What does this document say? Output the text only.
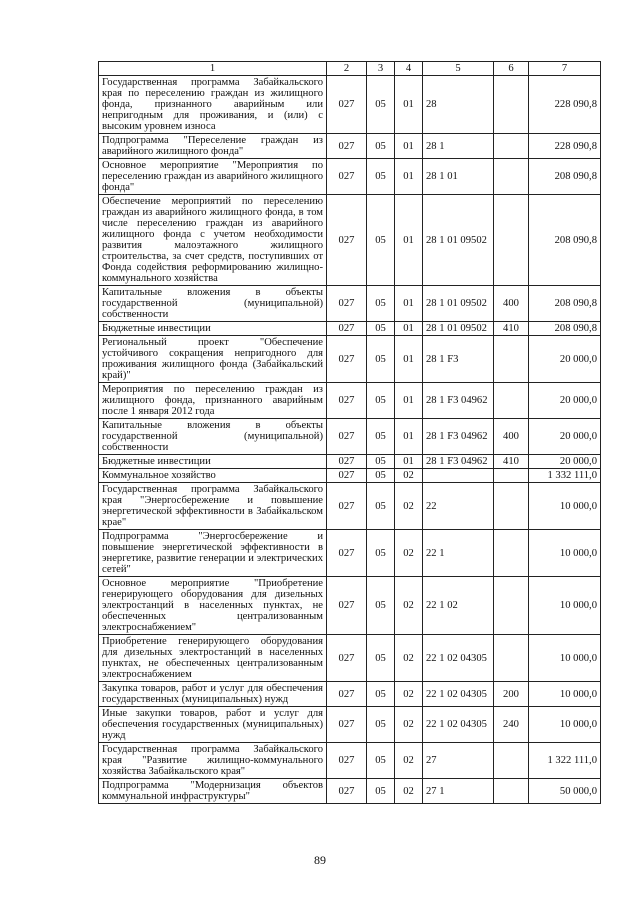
1	2	3	4	5	6	7
Государственная программа Забайкальского края по переселению граждан из жилищного фонда, признанного аварийным или непригодным для проживания, и (или) с высоким уровнем износа	027	05	01	28		228 090,8
Подпрограмма "Переселение граждан из аварийного жилищного фонда"	027	05	01	28 1		228 090,8
Основное мероприятие "Мероприятия по переселению граждан из аварийного жилищного фонда"	027	05	01	28 1 01		208 090,8
Обеспечение мероприятий по переселению граждан из аварийного жилищного фонда, в том числе переселению граждан из аварийного жилищного фонда с учетом необходимости развития малоэтажного жилищного строительства, за счет средств, поступивших от Фонда содействия реформированию жилищно-коммунального хозяйства	027	05	01	28 1 01 09502		208 090,8
Капитальные вложения в объекты государственной (муниципальной) собственности	027	05	01	28 1 01 09502	400	208 090,8
Бюджетные инвестиции	027	05	01	28 1 01 09502	410	208 090,8
Региональный проект "Обеспечение устойчивого сокращения непригодного для проживания жилищного фонда (Забайкальский край)"	027	05	01	28 1 F3		20 000,0
Мероприятия по переселению граждан из жилищного фонда, признанного аварийным после 1 января 2012 года	027	05	01	28 1 F3 04962		20 000,0
Капитальные вложения в объекты государственной (муниципальной) собственности	027	05	01	28 1 F3 04962	400	20 000,0
Бюджетные инвестиции	027	05	01	28 1 F3 04962	410	20 000,0
Коммунальное хозяйство	027	05	02			1 332 111,0
Государственная программа Забайкальского края "Энергосбережение и повышение энергетической эффективности в Забайкальском крае"	027	05	02	22		10 000,0
Подпрограмма "Энергосбережение и повышение энергетической эффективности в энергетике, развитие генерации и электрических сетей"	027	05	02	22 1		10 000,0
Основное мероприятие "Приобретение генерирующего оборудования для дизельных электростанций в населенных пунктах, не обеспеченных централизованным электроснабжением"	027	05	02	22 1 02		10 000,0
Приобретение генерирующего оборудования для дизельных электростанций в населенных пунктах, не обеспеченных централизованным электроснабжением	027	05	02	22 1 02 04305		10 000,0
Закупка товаров, работ и услуг для обеспечения государственных (муниципальных) нужд	027	05	02	22 1 02 04305	200	10 000,0
Иные закупки товаров, работ и услуг для обеспечения государственных (муниципальных) нужд	027	05	02	22 1 02 04305	240	10 000,0
Государственная программа Забайкальского края "Развитие жилищно-коммунального хозяйства Забайкальского края"	027	05	02	27		1 322 111,0
Подпрограмма "Модернизация объектов коммунальной инфраструктуры"	027	05	02	27 1		50 000,0
89
